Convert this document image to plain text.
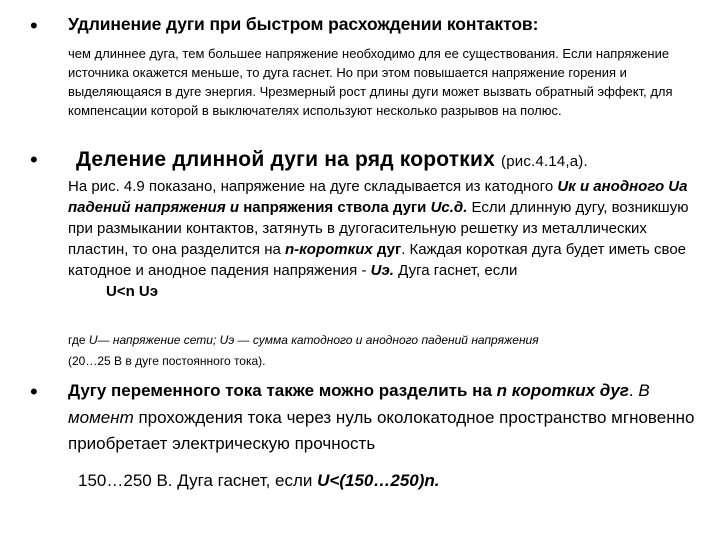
• Удлинение дуги при быстром расхождении контактов:

чем длиннее дуга, тем большее напряжение необходимо для ее существования. Если напряжение источника окажется меньше, то дуга гаснет. Но при этом повышается напряжение горения и выделяющаяся в дуге энергия. Чрезмерный рост длины дуги может вызвать обратный эффект, для компенсации которой в выключателях используют несколько разрывов на полюс.

• Деление длинной дуги на ряд коротких (рис.4.14,а).

На рис. 4.9 показано, напряжение на дуге складывается из катодного Uк и анодного Uа падений напряжения и напряжения ствола дуги Uс.д. Если длинную дугу, возникшую при размыкании контактов, затянуть в дугогасительную решетку из металлических пластин, то она разделится на n-коротких дуг. Каждая короткая дуга будет иметь свое катодное и анодное падения напряжения - Uэ. Дуга гаснет, если
U<n Uэ

где U— напряжение сети; Uэ — сумма катодного и анодного падений напряжения
(20…25 В в дуге постоянного тока).

• Дугу переменного тока также можно разделить на n коротких дуг. В момент прохождения тока через нуль околокатодное пространство мгновенно приобретает электрическую прочность
150…250 В. Дуга гаснет, если U<(150…250)n.
